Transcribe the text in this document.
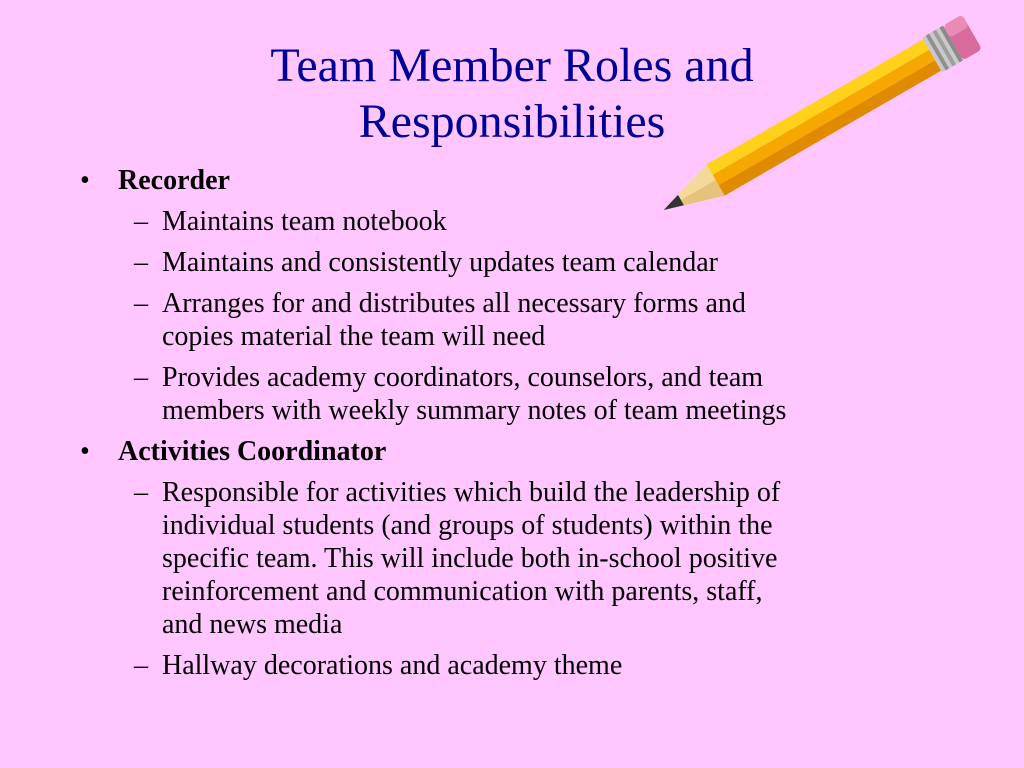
Team Member Roles and
Responsibilities
• Recorder
– Maintains team notebook
– Maintains and consistently updates team calendar
– Arranges for and distributes all necessary forms and
copies material the team will need
– Provides academy coordinators, counselors, and team
members with weekly summary notes of team meetings
• Activities Coordinator
– Responsible for activities which build the leadership of
individual students (and groups of students) within the
specific team. This will include both in-school positive
reinforcement and communication with parents, staff,
and news media
– Hallway decorations and academy theme
